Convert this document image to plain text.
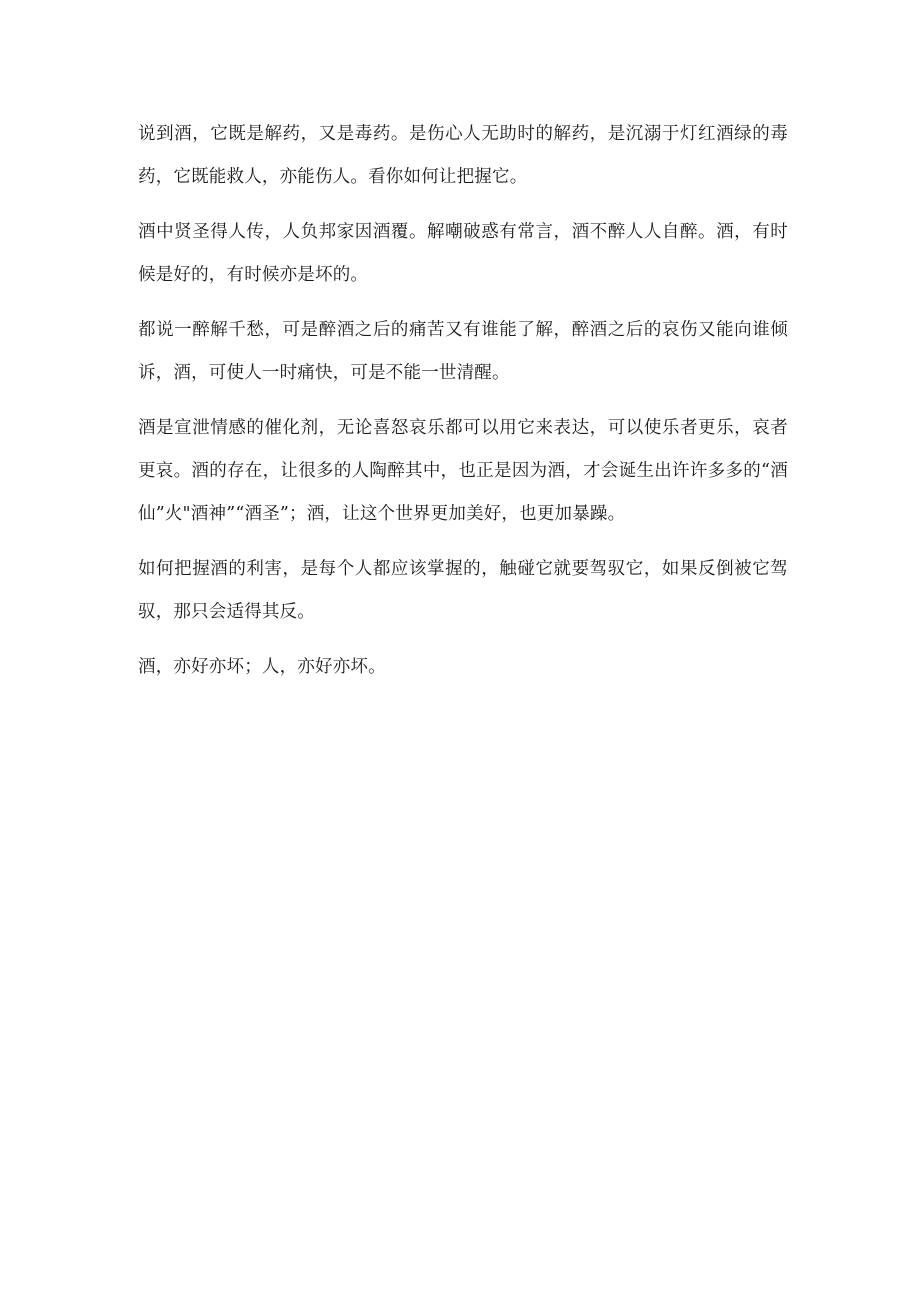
说到酒，它既是解药，又是毒药。是伤心人无助时的解药，是沉溺于灯红酒绿的毒药，它既能救人，亦能伤人。看你如何让把握它。

酒中贤圣得人传，人负邦家因酒覆。解嘲破惑有常言，酒不醉人人自醉。酒，有时候是好的，有时候亦是坏的。

都说一醉解千愁，可是醉酒之后的痛苦又有谁能了解，醉酒之后的哀伤又能向谁倾诉，酒，可使人一时痛快，可是不能一世清醒。

酒是宣泄情感的催化剂，无论喜怒哀乐都可以用它来表达，可以使乐者更乐，哀者更哀。酒的存在，让很多的人陶醉其中，也正是因为酒，才会诞生出许许多多的“酒仙”火"酒神”“酒圣”；酒，让这个世界更加美好，也更加暴躁。

如何把握酒的利害，是每个人都应该掌握的，触碰它就要驾驭它，如果反倒被它驾驭，那只会适得其反。

酒，亦好亦坏；人，亦好亦坏。
